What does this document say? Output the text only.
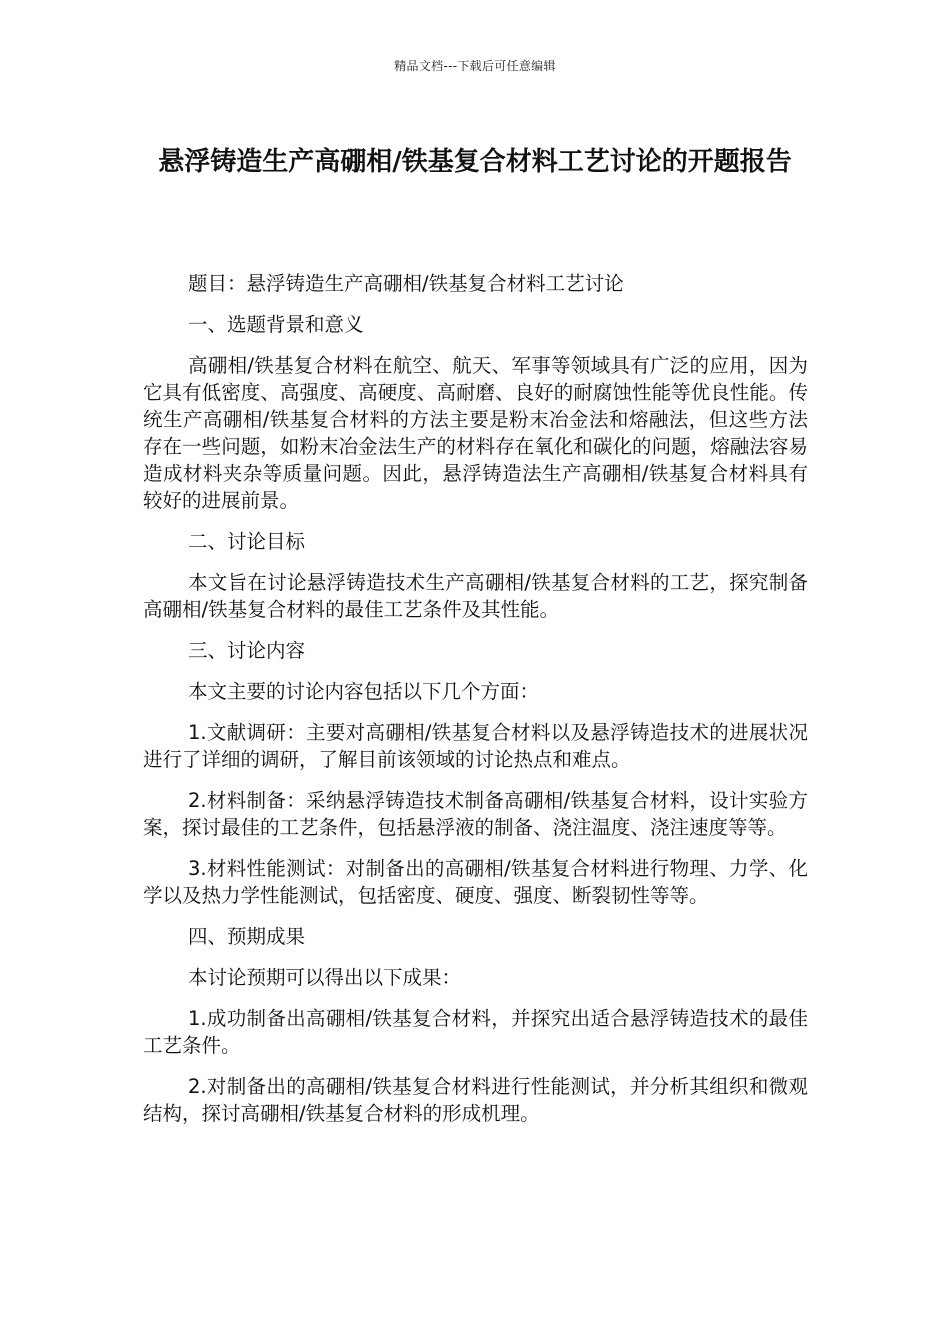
精品文档---下载后可任意编辑
悬浮铸造生产高硼相/铁基复合材料工艺讨论的开题报告

题目：悬浮铸造生产高硼相/铁基复合材料工艺讨论

一、选题背景和意义

高硼相/铁基复合材料在航空、航天、军事等领域具有广泛的应用，因为它具有低密度、高强度、高硬度、高耐磨、良好的耐腐蚀性能等优良性能。传统生产高硼相/铁基复合材料的方法主要是粉末冶金法和熔融法，但这些方法存在一些问题，如粉末冶金法生产的材料存在氧化和碳化的问题，熔融法容易造成材料夹杂等质量问题。因此，悬浮铸造法生产高硼相/铁基复合材料具有较好的进展前景。

二、讨论目标

本文旨在讨论悬浮铸造技术生产高硼相/铁基复合材料的工艺，探究制备高硼相/铁基复合材料的最佳工艺条件及其性能。

三、讨论内容

本文主要的讨论内容包括以下几个方面：

1.文献调研：主要对高硼相/铁基复合材料以及悬浮铸造技术的进展状况进行了详细的调研，了解目前该领域的讨论热点和难点。

2.材料制备：采纳悬浮铸造技术制备高硼相/铁基复合材料，设计实验方案，探讨最佳的工艺条件，包括悬浮液的制备、浇注温度、浇注速度等等。

3.材料性能测试：对制备出的高硼相/铁基复合材料进行物理、力学、化学以及热力学性能测试，包括密度、硬度、强度、断裂韧性等等。

四、预期成果

本讨论预期可以得出以下成果：

1.成功制备出高硼相/铁基复合材料，并探究出适合悬浮铸造技术的最佳工艺条件。

2.对制备出的高硼相/铁基复合材料进行性能测试，并分析其组织和微观结构，探讨高硼相/铁基复合材料的形成机理。
